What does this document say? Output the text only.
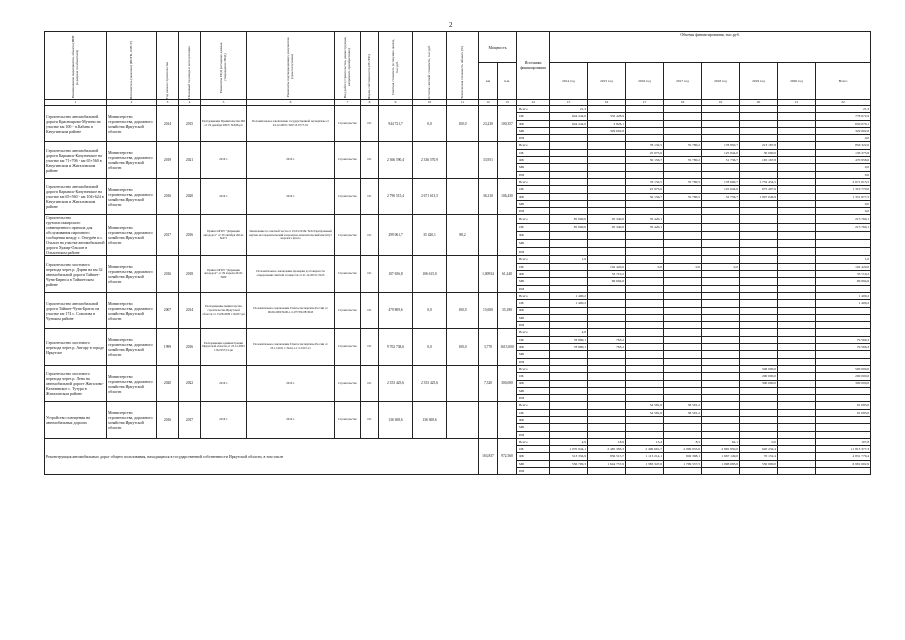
2
Наименование мероприятия, объекта (ИНР (в разрезе по объектам))	Исполнитель (заказчик) (ИОГВ, ОМСУ)	Год начала строительства	Плановый год ввода в эксплуатацию	Реквизиты ПСД (исходные данные, утверждение ПСД)	Реквизиты подтверждающих документов (срок получения)	Вид работ (строительство, реконструкция, капремонт, приобретение)	Форма собственности (ГС/МС)	Сметная стоимость (в текущих ценах), тыс.руб.	Остаток сметной стоимости, тыс.руб.	Техническая готовность объекта (%)	Мощность		Источники финансирования	Объемы финансирования, тыс.руб.							
											км	п.м.		2014 год	2015 год	2016 год	2017 год	2018 год	2019 год	2020 год	Всего
1	2	3	4	5	6	7	8	9	10	11	12	13	14	15	16	17	18	19	20	21	22
Строительство автомобильной дороги Красноярово-Мутино на участке км 100 - п.Кабань в Качугинском районе	Министерство строительства, дорожного хозяйства Иркутской области	2014	2015	Распоряжение Правительства ИО от 19 декабря 2007г. №636-рп	Положительное заключение государственной экспертизы от 24.12.2007г. №07-Р-0777-01	Строительство	ОС	944 721,7	0,0	100,0	23,230	100,357	Всего	21,3							21,3
													ОБ	644 244,0	332 428,9						778 672,9
													ФБ	644 244,0	2 826,1						650 070,1
													МБ		329 602,8						329 602,8
													ИИ								0,0
Строительство автомобильной дороги Карымск-Качугинское на участке км 71+706 - км 65+560 в Качугинском и Жигаловском районе	Министерство строительства, дорожного хозяйства Иркутской области	2019	2021	2016 г.	2016 г.	Строительство	ОС	2 366 590,4	2 336 570,9		33,951		Всего			78 132,5	35 780,2	178 850,7	213 187,8		856 322,0
													ОБ			25 975,6		125 844,0	30 000,0		136 375,8
													ФБ			50 156,7	35 780,2	51 736,7	165 167,8		470 958,6
													МБ								0,0
													ИИ								0,0
Строительство автомобильной дороги Карымск-Качугинское на участке км 65+560 - км 104+624 в Качугинском и Жигаловском районе	Министерство строительства, дорожного хозяйства Иркутской области	2016	2020	2016 г.	2016 г.	Строительство	ОС	2 796 515,4	2 671 613,5		36,310	106,430	Всего			76 132,5	35 780,5	178 600,7	1 752 454,5		2 671 613,5
													ОБ			25 975,6		125 644,0	675 407,6		1 319 770,0
													ФБ			50 156,7	35 780,5	52 756,7	1 097 046,9		1 351 877,5
													МБ								0,0
													ИИ								0,0
Строительство грузопассажирского совмещенного причала для обслуживания паромного сообщения между с. Онгурён и с. Ольхон на участке автомобильной дороги Хужир-Ольхон в Ольхонском районе	Министерство строительства, дорожного хозяйства Иркутской области	2017	2016	Приказ ОГКУ "Дирекция автодорог" от 30 октября 2014г. №471	Заключение по сметной части от 25.03.2016г. №32 Центральный научно-исследовательский и проектно-изыскательский институт морского флота	Строительство	ОС	299 061,7	35 420,1	88,2			Всего	85 000,0	95 340,0	35 420,1					215 760,1
													ОБ	85 000,0	95 340,0	35 420,1					215 760,1
													ФБ								
													МБ								
													ИИ								
Строительство мостового перехода через р. Дэрни на км 32 автомобильной дороги Тайшет-Чуна-Бирюса в Тайшетском районе	Министерство строительства, дорожного хозяйства Иркутской области	2016	2018	Приказ ОГКУ "Дирекция автодорог" от 29 апреля 2015г. №80	Положительное заключение проверки достоверности определения сметной стоимости от 21.12.2015г. №23	Строительство	ОС	107 656,8	106 615,0		1,00934	61,240	Всего	1,6							1,0
													ОБ		102 420,0	0,0	0,0	0,0			102 420,0
													ФБ		33 710,2						33 710,2
													МБ		69 694,6						69 694,6
													ИИ								
Строительство автомобильной дороги Тайшет-Чуна-Братск на участке км 174 с. Соколова в Чунском районе	Министерство строительства, дорожного хозяйства Иркутской области	2007	2014	Распоряжение министерства строительства Иркутской области от 13.08.2009 г. №657-рп	Положительное заключение Главгосэкспертизы России от 06.06.2009 №00-1-5-077/09-08/3043	Строительство	ОС	479 809,6	0,0	100,0	15,600	35,180	Всего	1 400,2							1 400,2
													ОБ	1 400,2							1 400,2
													ФБ								
													МБ								
													ИИ								
Строительство мостового перехода через р. Ангару в городе Иркутске	Министерство строительства, дорожного хозяйства Иркутской области	1999	2016	Распоряжение администрации Иркутской области от 23.12.2003 г. №1957/12-рп	Положительное заключение Главгосэкспертизы России от 25.11.2011 г. №24-1-1-5-0115-11	Строительство	ОС	9 702 738,6	0,0	100,0	3,770	1615,000	Всего	4,8							
													ОБ	78 880,1	763,2						79 566,3
													ФБ	78 880,1	763,2						79 566,3
													МБ								
													ИИ								
Строительство мостового перехода через р. Лена на автомобильной дороге Жигалово-Казачинское с. Тутура в Жигаловском районе	Министерство строительства, дорожного хозяйства Иркутской области	2020	2022	2016 г.	2016 г.	Строительство	ОС	2 353 425,6	2 353 425,6		7,320	300,000	Всего						506 000,0		500 000,0
													ОБ						200 000,0		200 000,0
													ФБ						300 000,0		300 000,0
													МБ								
													ИИ								
Устройство освещения на автомобильных дорогах	Министерство строительства, дорожного хозяйства Иркутской области	2016	2017	2016 г.	2016 г.	Строительство	ОС	136 308,6	136 308,6				Всего			54 581,6	36 501,2				91 083,0
													ОБ			54 581,6	36 501,2				91 083,0
													ФБ								
													МБ								
													ИИ								
Реконструкция автомобильных дорог общего пользования, находящихся в государственной собственности Иркутской области, в том числе											163,837	972,560	Всего	4,9	18,9	13,4	8,5	62,1	0,0		107,8
													ОБ	1 070 944,1	2 485 383,3	2 496 661,7	2 099 055,6	2 865 850,0	620 232,4		11 813 377,3
													ФБ	513 334,9	856 515,7	1 113 214,1	849 398,1	1 667 149,0	70 152,4		4 831 779,4
													МБ	556 709,3	1 644 757,6	1 383 347,6	1 709 557,5	1 098 683,0	550 000,0		6 981 602,9
													ИИ								
